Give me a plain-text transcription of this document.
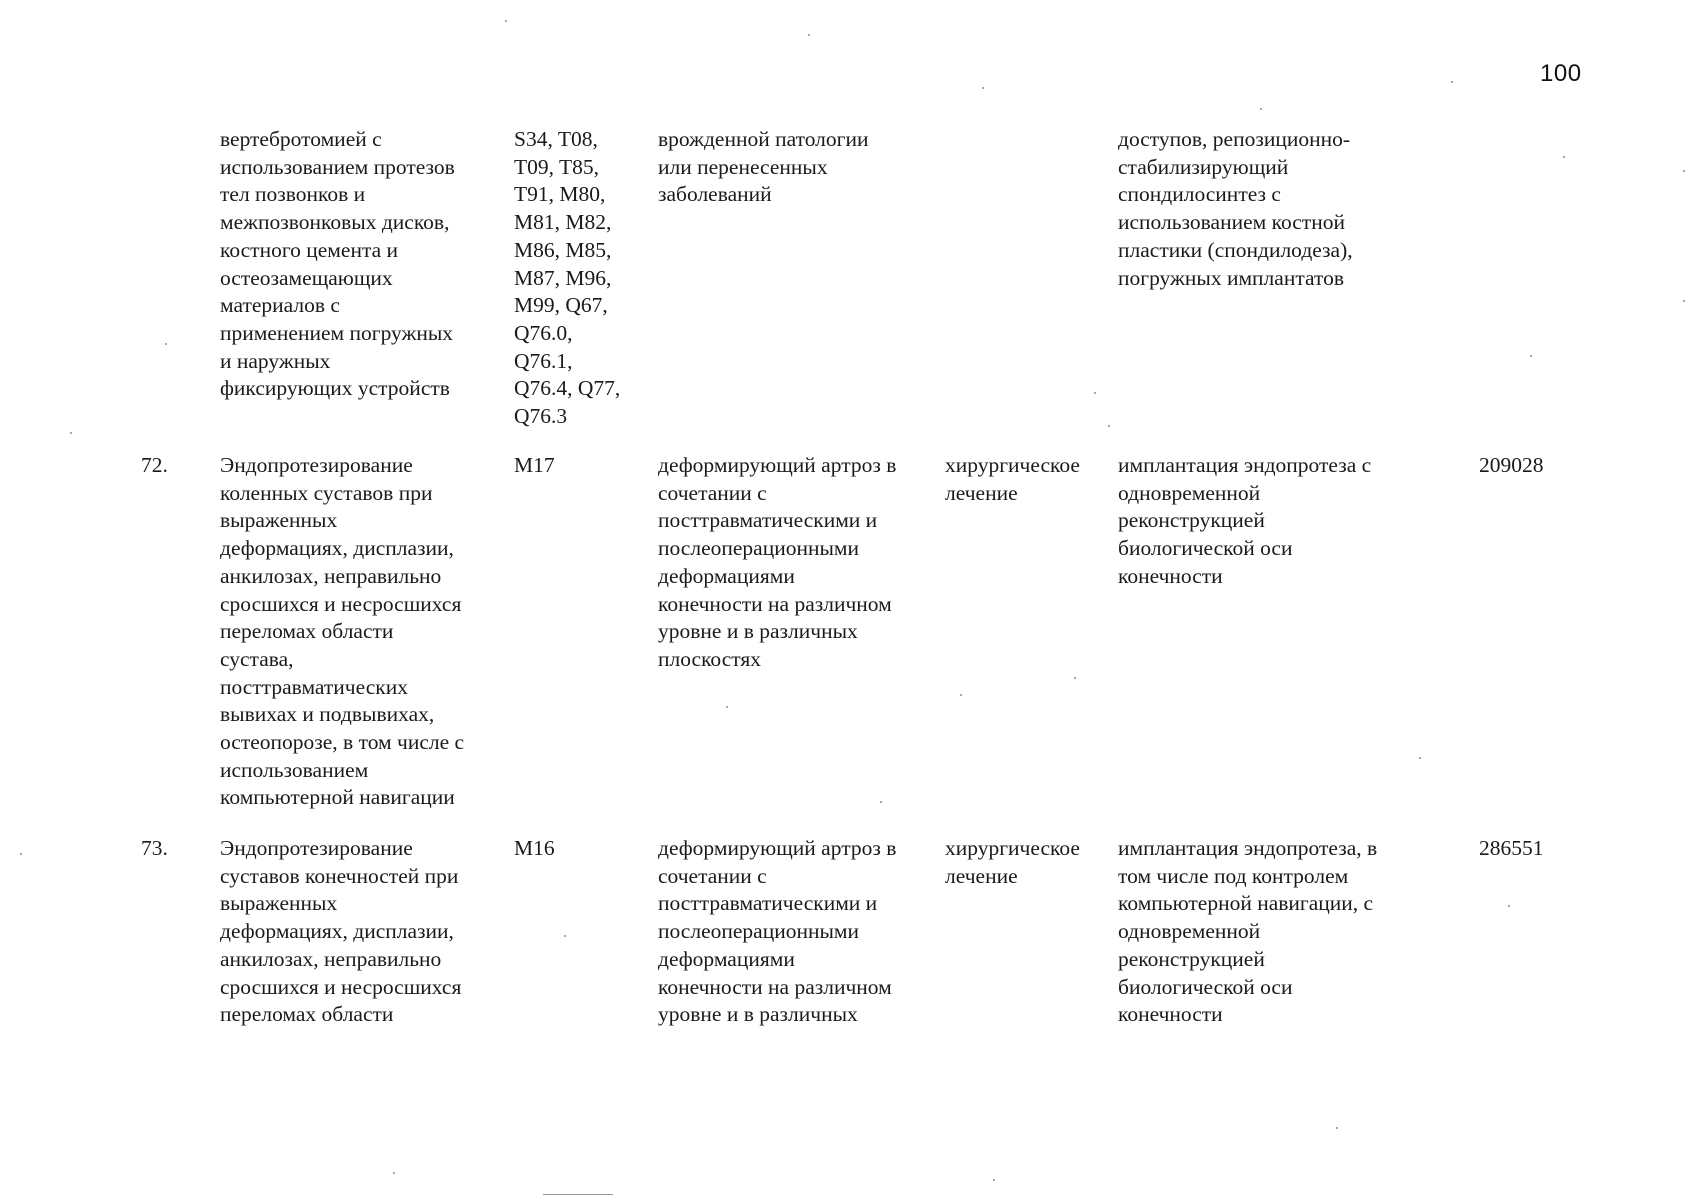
100
вертебротомией с
использованием протезов
тел позвонков и
межпозвонковых дисков,
костного цемента и
остеозамещающих
материалов с
применением погружных
и наружных
фиксирующих устройств
S34, T08,
T09, T85,
T91, M80,
M81, M82,
M86, M85,
M87, M96,
M99, Q67,
Q76.0,
Q76.1,
Q76.4, Q77,
Q76.3
врожденной патологии
или перенесенных
заболеваний
доступов, репозиционно-
стабилизирующий
спондилосинтез с
использованием костной
пластики (спондилодеза),
погружных имплантатов
72. Эндопротезирование
коленных суставов при
выраженных
деформациях, дисплазии,
анкилозах, неправильно
сросшихся и несросшихся
переломах области
сустава,
посттравматических
вывихах и подвывихах,
остеопорозе, в том числе с
использованием
компьютерной навигации
M17	деформирующий артроз в
сочетании с
посттравматическими и
послеоперационными
деформациями
конечности на различном
уровне и в различных
плоскостях
хирургическое
лечение
имплантация эндопротеза с
одновременной
реконструкцией
биологической оси
конечности
209028
73. Эндопротезирование
суставов конечностей при
выраженных
деформациях, дисплазии,
анкилозах, неправильно
сросшихся и несросшихся
переломах области
M16	деформирующий артроз в
сочетании с
посттравматическими и
послеоперационными
деформациями
конечности на различном
уровне и в различных
хирургическое
лечение
имплантация эндопротеза, в
том числе под контролем
компьютерной навигации, с
одновременной
реконструкцией
биологической оси
конечности
286551
